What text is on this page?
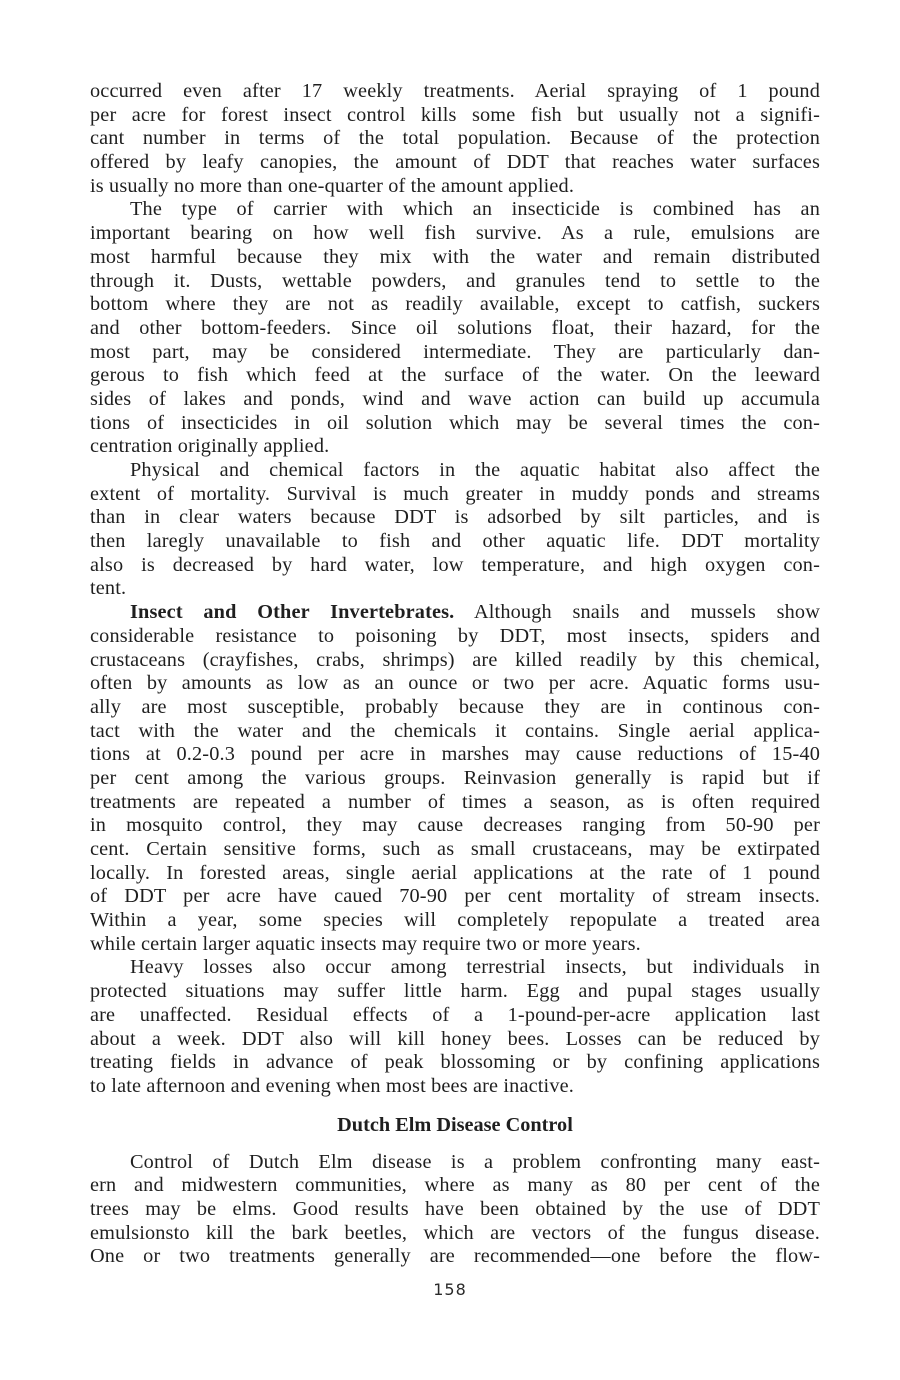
occurred even after 17 weekly treatments. Aerial spraying of 1 pound
per acre for forest insect control kills some fish but usually not a signifi-
cant number in terms of the total population. Because of the protection
offered by leafy canopies, the amount of DDT that reaches water surfaces
is usually no more than one-quarter of the amount applied.
The type of carrier with which an insecticide is combined has an
important bearing on how well fish survive. As a rule, emulsions are
most harmful because they mix with the water and remain distributed
through it. Dusts, wettable powders, and granules tend to settle to the
bottom where they are not as readily available, except to catfish, suckers
and other bottom-feeders. Since oil solutions float, their hazard, for the
most part, may be considered intermediate. They are particularly dan-
gerous to fish which feed at the surface of the water. On the leeward
sides of lakes and ponds, wind and wave action can build up accumula
tions of insecticides in oil solution which may be several times the con-
centration originally applied.
Physical and chemical factors in the aquatic habitat also affect the
extent of mortality. Survival is much greater in muddy ponds and streams
than in clear waters because DDT is adsorbed by silt particles, and is
then laregly unavailable to fish and other aquatic life. DDT mortality
also is decreased by hard water, low temperature, and high oxygen con-
tent.
Insect and Other Invertebrates. Although snails and mussels show
considerable resistance to poisoning by DDT, most insects, spiders and
crustaceans (crayfishes, crabs, shrimps) are killed readily by this chemical,
often by amounts as low as an ounce or two per acre. Aquatic forms usu-
ally are most susceptible, probably because they are in continous con-
tact with the water and the chemicals it contains. Single aerial applica-
tions at 0.2-0.3 pound per acre in marshes may cause reductions of 15-40
per cent among the various groups. Reinvasion generally is rapid but if
treatments are repeated a number of times a season, as is often required
in mosquito control, they may cause decreases ranging from 50-90 per
cent. Certain sensitive forms, such as small crustaceans, may be extirpated
locally. In forested areas, single aerial applications at the rate of 1 pound
of DDT per acre have caued 70-90 per cent mortality of stream insects.
Within a year, some species will completely repopulate a treated area
while certain larger aquatic insects may require two or more years.
Heavy losses also occur among terrestrial insects, but individuals in
protected situations may suffer little harm. Egg and pupal stages usually
are unaffected. Residual effects of a 1-pound-per-acre application last
about a week. DDT also will kill honey bees. Losses can be reduced by
treating fields in advance of peak blossoming or by confining applications
to late afternoon and evening when most bees are inactive.
Dutch Elm Disease Control
Control of Dutch Elm disease is a problem confronting many east-
ern and midwestern communities, where as many as 80 per cent of the
trees may be elms. Good results have been obtained by the use of DDT
emulsionsto kill the bark beetles, which are vectors of the fungus disease.
One or two treatments generally are recommended—one before the flow-
158
